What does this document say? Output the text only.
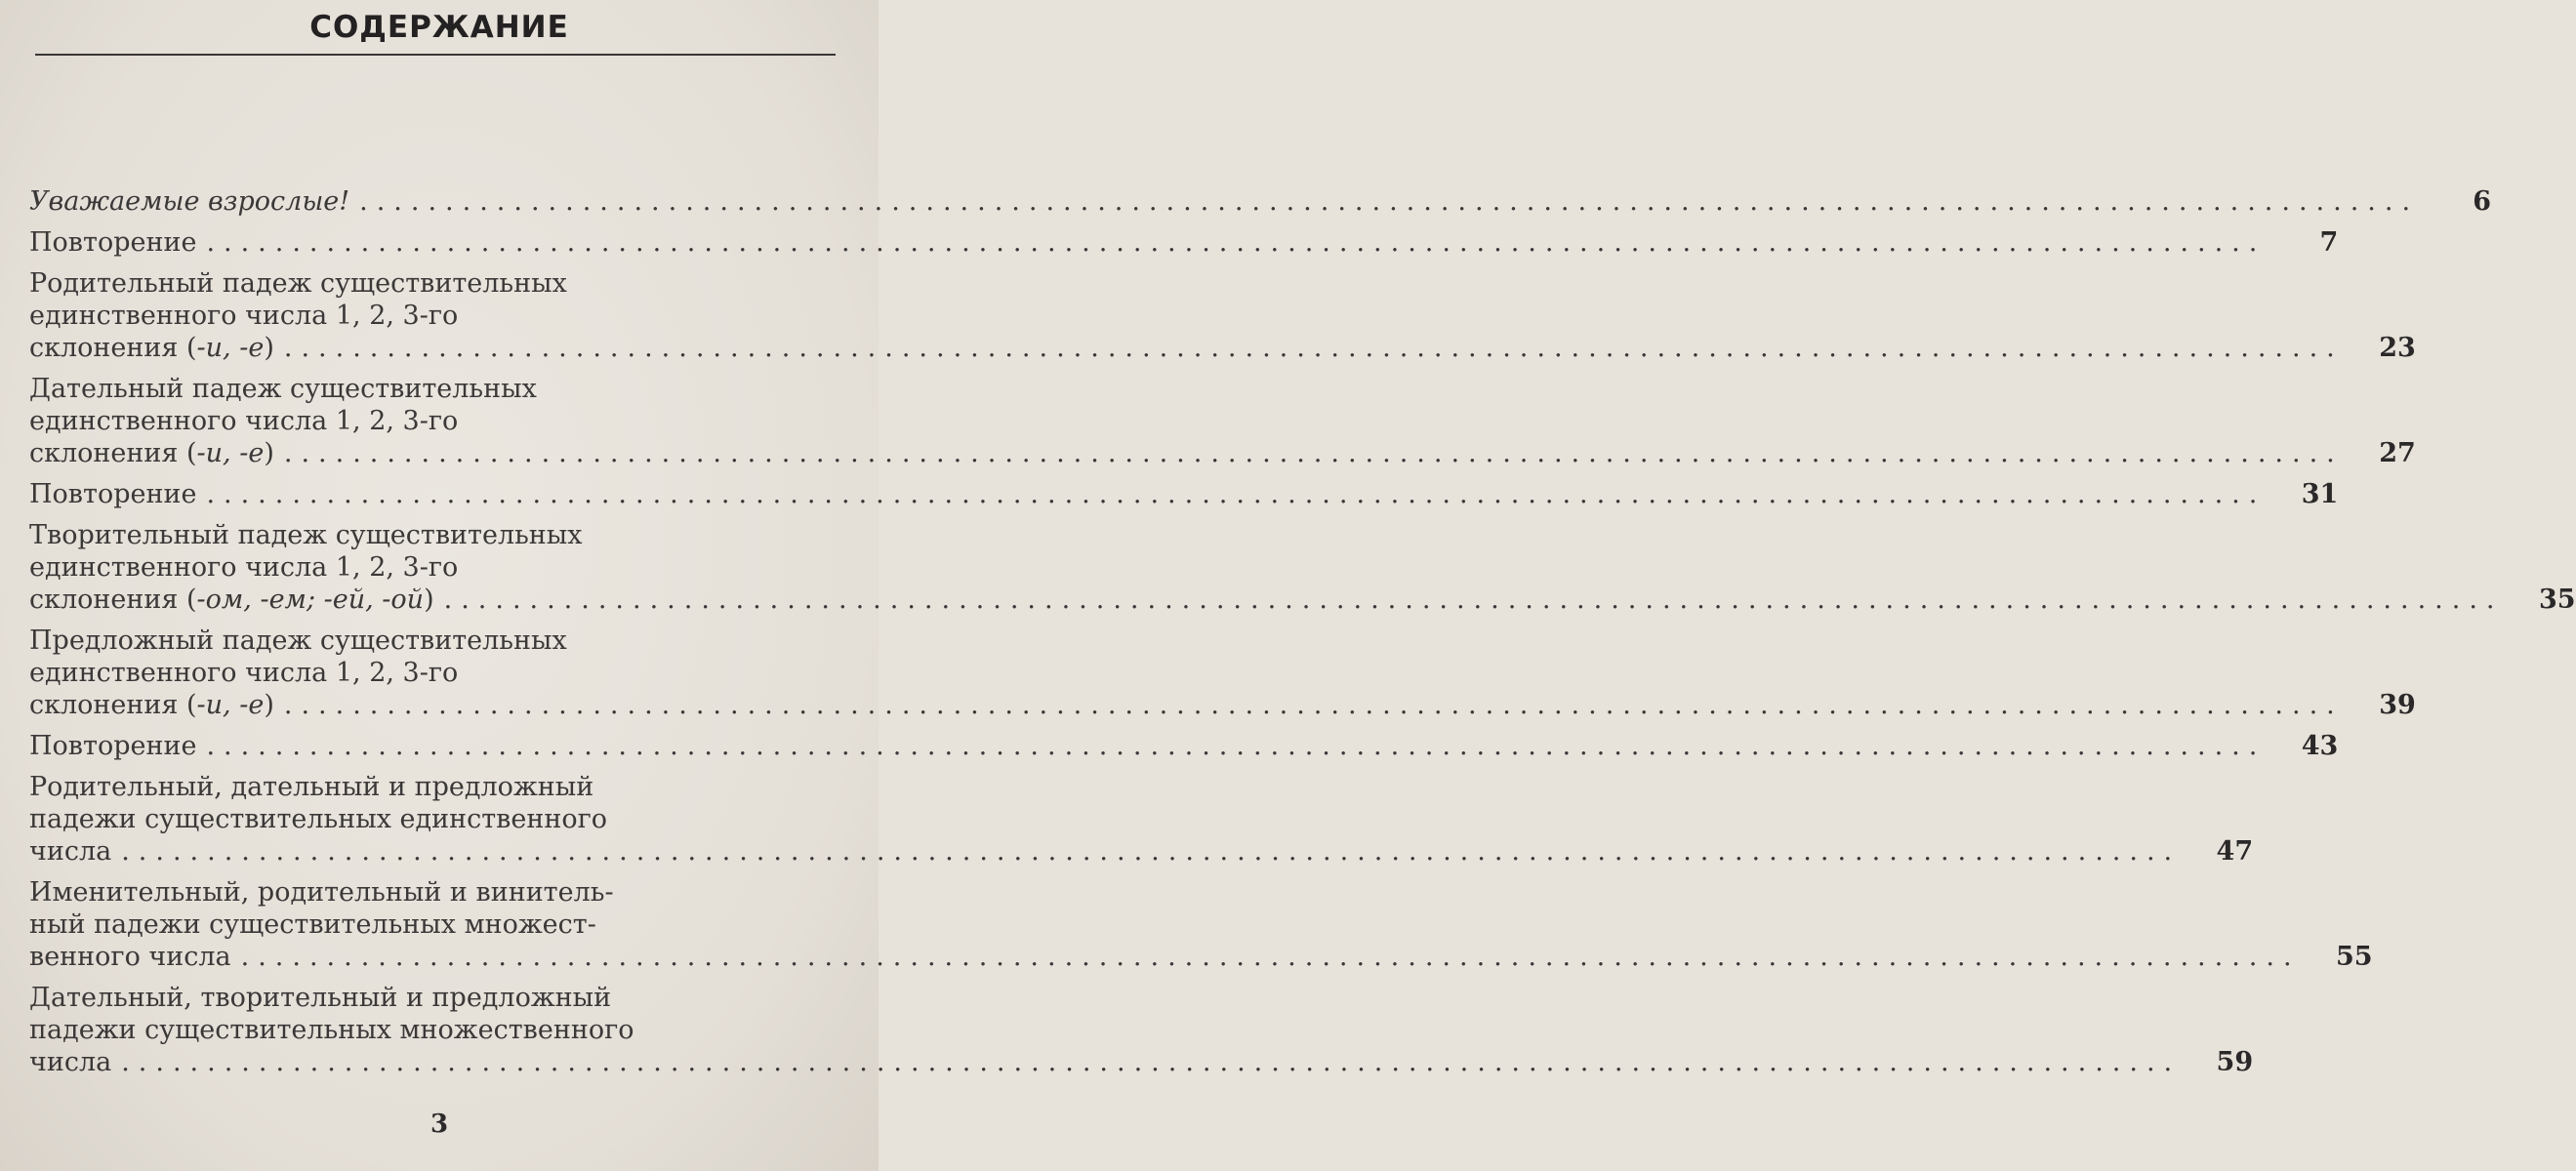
СОДЕРЖАНИЕ
Уважаемые взрослые! ........................................................................................................................	6
Повторение ........................................................................................................................	7
Родительный падеж существительных
единственного числа 1, 2, 3-го
склонения (-и, -е) ........................................................................................................................	23
Дательный падеж существительных
единственного числа 1, 2, 3-го
склонения (-и, -е) ........................................................................................................................	27
Повторение ........................................................................................................................	31
Творительный падеж существительных
единственного числа 1, 2, 3-го
склонения (-ом, -ем; -ей, -ой) ........................................................................................................................	35
Предложный падеж существительных
единственного числа 1, 2, 3-го
склонения (-и, -е) ........................................................................................................................	39
Повторение ........................................................................................................................	43
Родительный, дательный и предложный
падежи существительных единственного
числа ........................................................................................................................	47
Именительный, родительный и винитель-
ный падежи существительных множест-
венного числа ........................................................................................................................	55
Дательный, творительный и предложный
падежи существительных множественного
числа ........................................................................................................................	59
3
